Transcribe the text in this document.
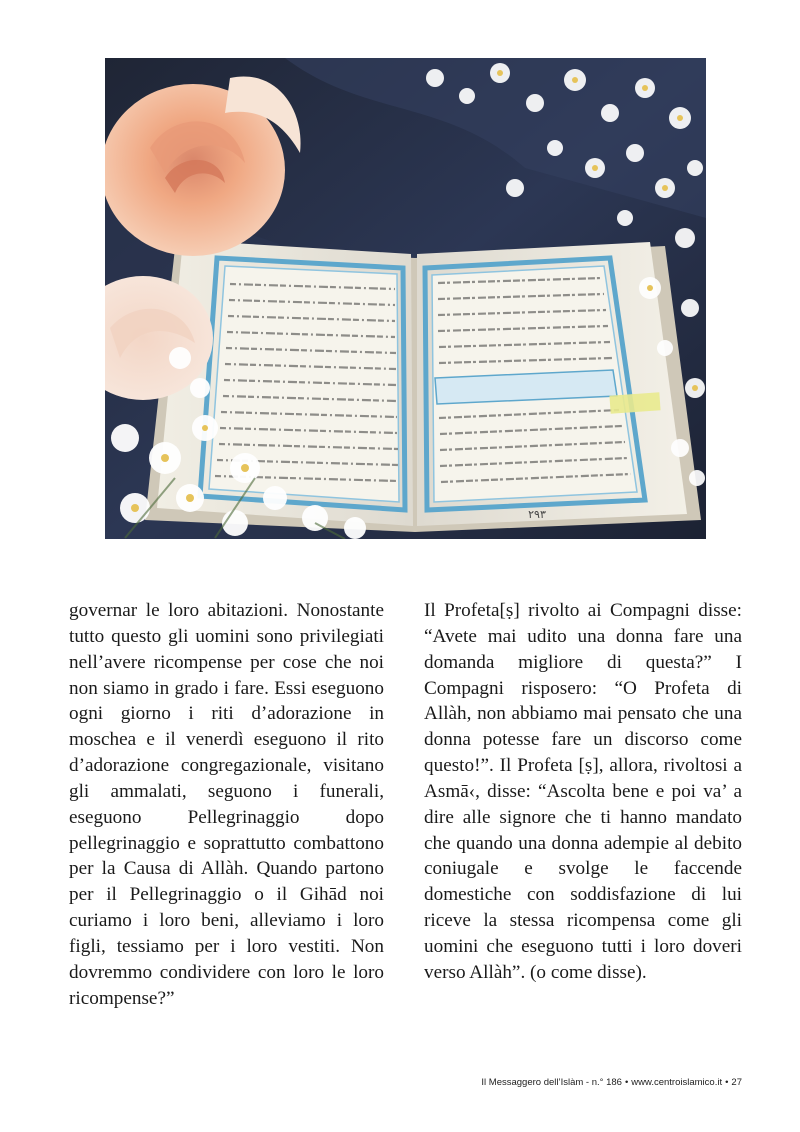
٢٩٣

governar le loro abitazioni. Nonostante tutto questo gli uomini sono privilegiati nell’avere ricompense per cose che noi non siamo in grado i fare. Essi eseguono ogni giorno i riti d’adorazione in moschea e il venerdì eseguono il rito d’adorazione congregazionale, visitano gli ammalati, seguono i funerali, eseguono Pellegrinaggio dopo pellegrinaggio e soprattutto combattono per la Causa di Allàh. Quando partono per il Pellegrinaggio o il Gihād noi curiamo i loro beni, alleviamo i loro figli, tessiamo per i loro vestiti. Non dovremmo condividere con loro le loro ricompense?”

Il Profeta[ṣ] rivolto ai Compagni disse: “Avete mai udito una donna fare una domanda migliore di questa?” I Compagni risposero: “O Profeta di Allàh, non abbiamo mai pensato che una donna potesse fare un discorso come questo!”. Il Profeta [ṣ], allora, rivoltosi a Asmā‹, disse: “Ascolta bene e poi va’ a dire alle signore che ti hanno mandato che quando una donna adempie al debito coniugale e svolge le faccende domestiche con soddisfazione di lui riceve la stessa ricompensa come gli uomini che eseguono tutti i loro doveri verso Allàh”. (o come disse).

Il Messaggero dell’Islàm - n.° 186 • www.centroislamico.it • 27
